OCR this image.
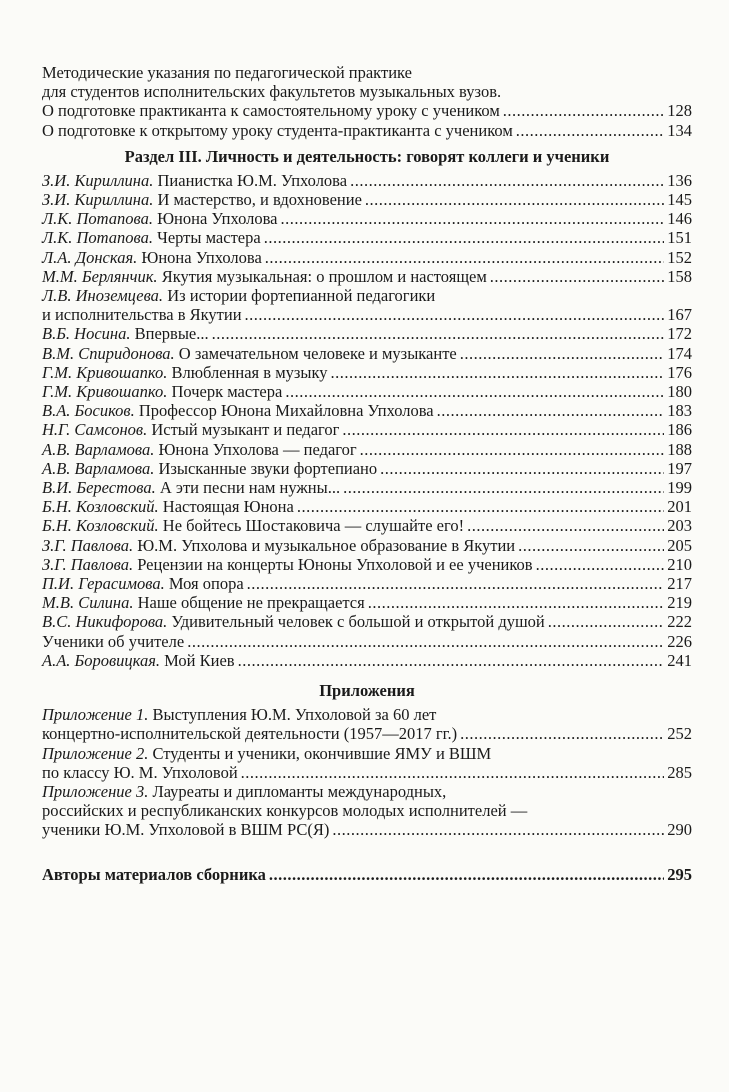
Методические указания по педагогической практике
для студентов исполнительских факультетов музыкальных вузов.
О подготовке практиканта к самостоятельному уроку с учеником .....	128
О подготовке к открытому уроку студента-практиканта с учеником .....	134
Раздел III. Личность и деятельность: говорят коллеги и ученики
З.И. Кириллина. Пианистка Ю.М. Упхолова .....	136
З.И. Кириллина. И мастерство, и вдохновение .....	145
Л.К. Потапова. Юнона Упхолова .....	146
Л.К. Потапова. Черты мастера .....	151
Л.А. Донская. Юнона Упхолова .....	152
М.М. Берлянчик. Якутия музыкальная: о прошлом и настоящем .....	158
Л.В. Иноземцева. Из истории фортепианной педагогики
и исполнительства в Якутии .....	167
В.Б. Носина. Впервые... .....	172
В.М. Спиридонова. О замечательном человеке и музыканте .....	174
Г.М. Кривошапко. Влюбленная в музыку .....	176
Г.М. Кривошапко. Почерк мастера .....	180
В.А. Босиков. Профессор Юнона Михайловна Упхолова .....	183
Н.Г. Самсонов. Истый музыкант и педагог .....	186
А.В. Варламова. Юнона Упхолова — педагог .....	188
А.В. Варламова. Изысканные звуки фортепиано .....	197
В.И. Берестова. А эти песни нам нужны... .....	199
Б.Н. Козловский. Настоящая Юнона .....	201
Б.Н. Козловский. Не бойтесь Шостаковича — слушайте его! .....	203
З.Г. Павлова. Ю.М. Упхолова и музыкальное образование в Якутии .....	205
З.Г. Павлова. Рецензии на концерты Юноны Упхоловой и ее учеников .....	210
П.И. Герасимова. Моя опора .....	217
М.В. Силина. Наше общение не прекращается .....	219
В.С. Никифорова. Удивительный человек с большой и открытой душой .....	222
Ученики об учителе .....	226
А.А. Боровицкая. Мой Киев .....	241
Приложения
Приложение 1. Выступления Ю.М. Упхоловой за 60 лет
концертно-исполнительской деятельности (1957—2017 гг.) .....	252
Приложение 2. Студенты и ученики, окончившие ЯМУ и ВШМ
по классу Ю. М. Упхоловой .....	285
Приложение 3. Лауреаты и дипломанты международных,
российских и республиканских конкурсов молодых исполнителей —
ученики Ю.М. Упхоловой в ВШМ РС(Я) .....	290
Авторы материалов сборника .....	295
